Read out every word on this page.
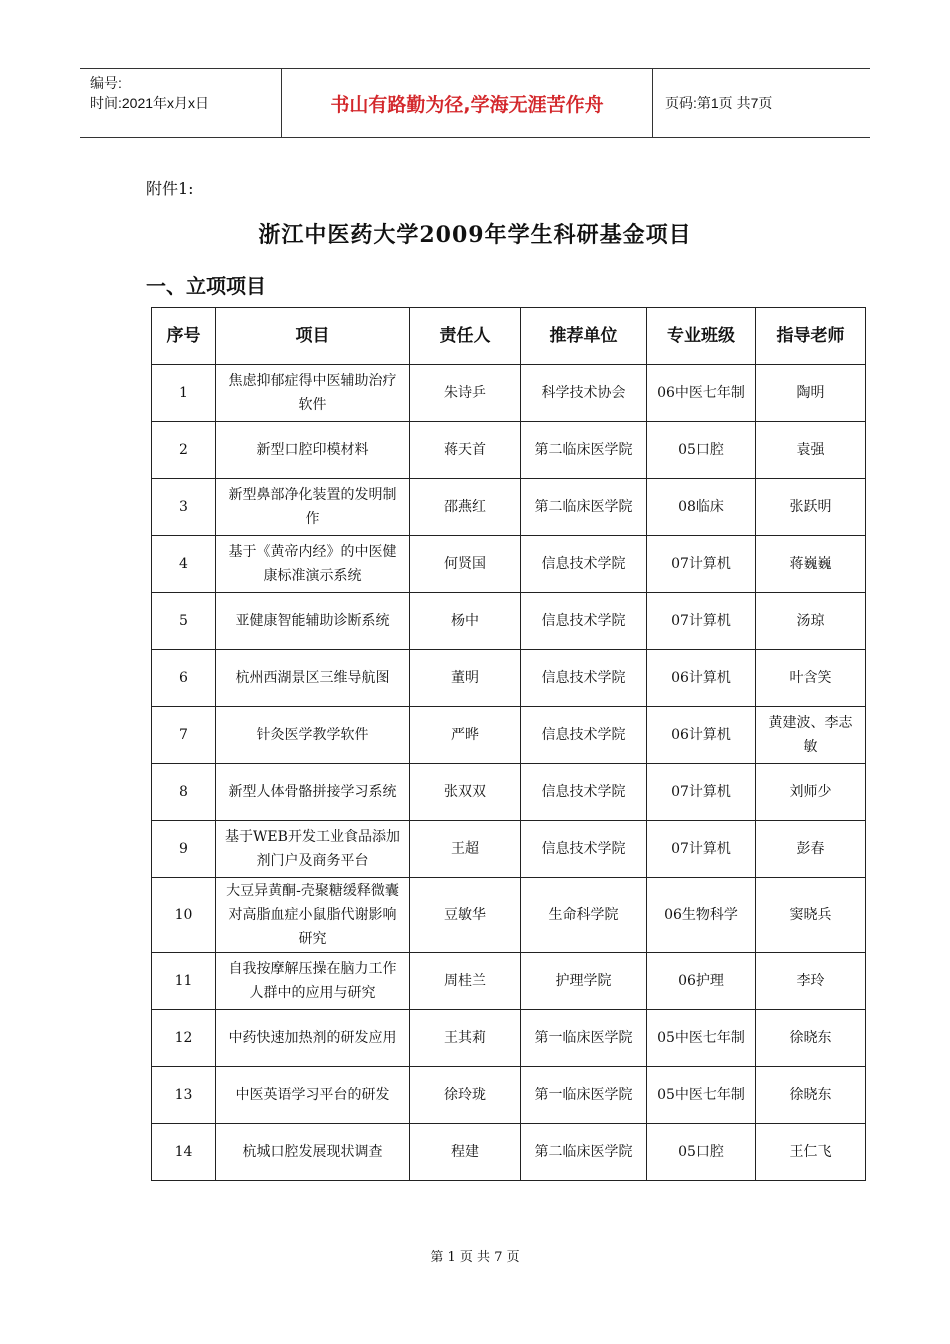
编号:
时间:2021年x月x日	书山有路勤为径,学海无涯苦作舟	页码:第1页 共7页
附件1:
浙江中医药大学2009年学生科研基金项目
一、立项项目
序号	项目	责任人	推荐单位	专业班级	指导老师
1	焦虑抑郁症得中医辅助治疗软件	朱诗乒	科学技术协会	06中医七年制	陶明
2	新型口腔印模材料	蒋天首	第二临床医学院	05口腔	袁强
3	新型鼻部净化装置的发明制作	邵燕红	第二临床医学院	08临床	张跃明
4	基于《黄帝内经》的中医健康标准演示系统	何贤国	信息技术学院	07计算机	蒋巍巍
5	亚健康智能辅助诊断系统	杨中	信息技术学院	07计算机	汤琼
6	杭州西湖景区三维导航图	董明	信息技术学院	06计算机	叶含笑
7	针灸医学教学软件	严晔	信息技术学院	06计算机	黄建波、李志敏
8	新型人体骨骼拼接学习系统	张双双	信息技术学院	07计算机	刘师少
9	基于WEB开发工业食品添加剂门户及商务平台	王超	信息技术学院	07计算机	彭春
10	大豆异黄酮-壳聚糖缓释微囊对高脂血症小鼠脂代谢影响研究	豆敏华	生命科学院	06生物科学	窦晓兵
11	自我按摩解压操在脑力工作人群中的应用与研究	周桂兰	护理学院	06护理	李玲
12	中药快速加热剂的研发应用	王其莉	第一临床医学院	05中医七年制	徐晓东
13	中医英语学习平台的研发	徐玲珑	第一临床医学院	05中医七年制	徐晓东
14	杭城口腔发展现状调查	程建	第二临床医学院	05口腔	王仁飞
第 1 页 共 7 页
